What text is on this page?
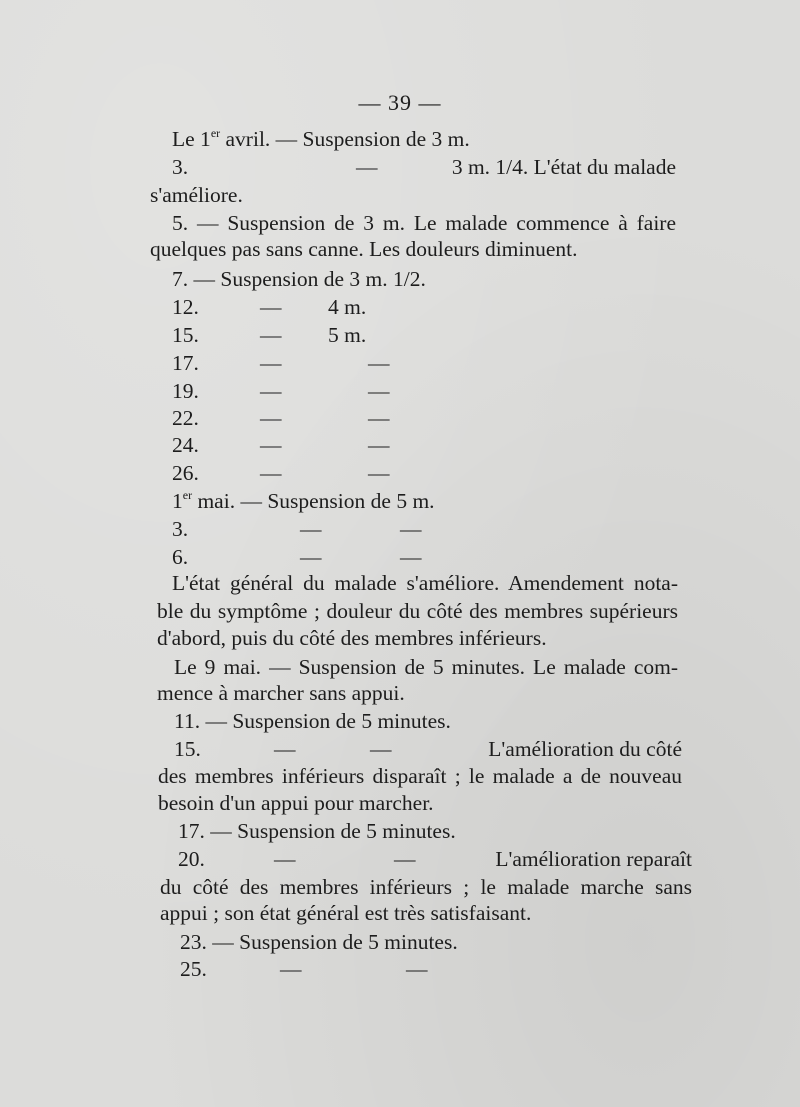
— 39 —
Le 1er avril. — Suspension de 3 m.
3.	—	3 m. 1/4. L'état du malade
s'améliore.
5. — Suspension de 3 m. Le malade commence à faire
quelques pas sans canne. Les douleurs diminuent.
7. — Suspension de 3 m. 1/2.
12.	— 4 m.
15.	— 5 m.
17.	—	—
19.	—	—
22.	—	—
24.	—	—
26.	—	—
1er mai. — Suspension de 5 m.
3.	—	—
6.	—	—
L'état général du malade s'améliore. Amendement nota-
ble du symptôme ; douleur du côté des membres supérieurs
d'abord, puis du côté des membres inférieurs.
Le 9 mai. — Suspension de 5 minutes. Le malade com-
mence à marcher sans appui.
11. — Suspension de 5 minutes.
15.	—	—	L'amélioration du côté
des membres inférieurs disparaît ; le malade a de nouveau
besoin d'un appui pour marcher.
17. — Suspension de 5 minutes.
20.	—	—	L'amélioration reparaît
du côté des membres inférieurs ; le malade marche sans
appui ; son état général est très satisfaisant.
23. — Suspension de 5 minutes.
25.	—	—
